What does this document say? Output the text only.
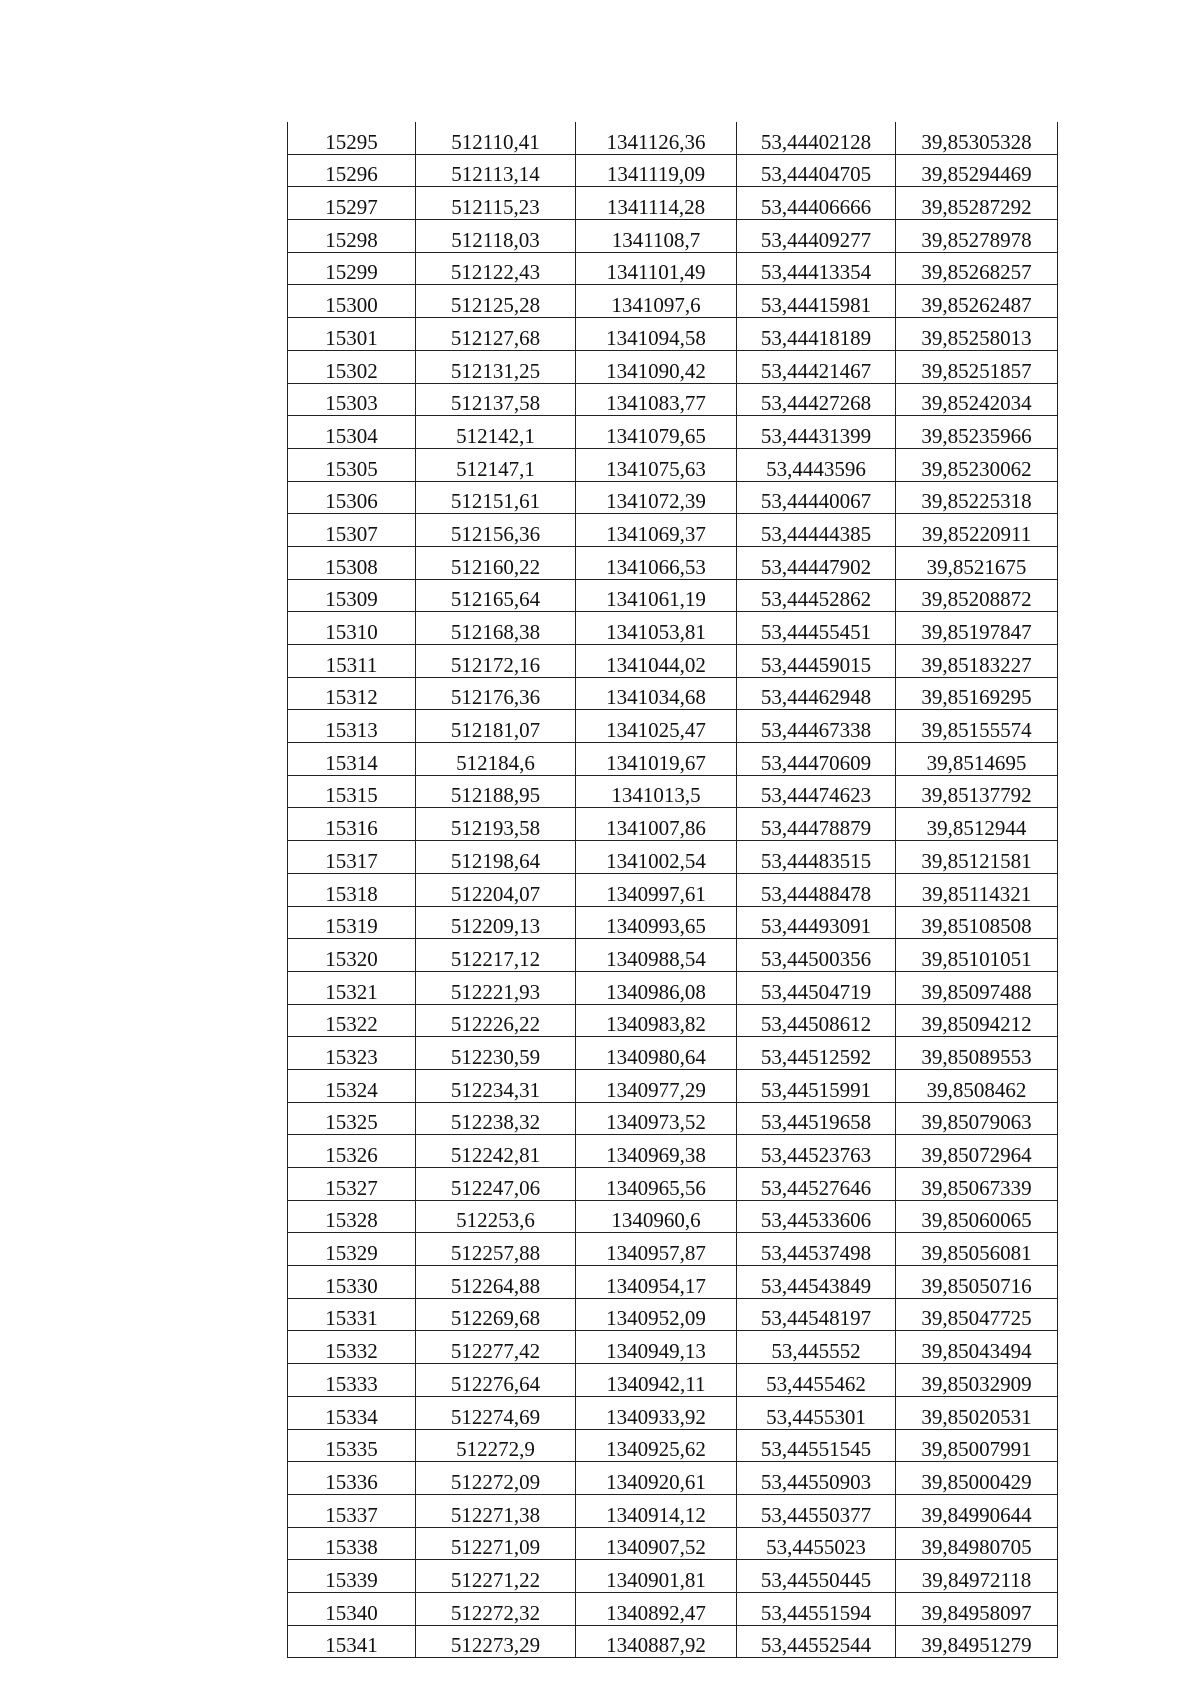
15295	512110,41	1341126,36	53,44402128	39,85305328
15296	512113,14	1341119,09	53,44404705	39,85294469
15297	512115,23	1341114,28	53,44406666	39,85287292
15298	512118,03	1341108,7	53,44409277	39,85278978
15299	512122,43	1341101,49	53,44413354	39,85268257
15300	512125,28	1341097,6	53,44415981	39,85262487
15301	512127,68	1341094,58	53,44418189	39,85258013
15302	512131,25	1341090,42	53,44421467	39,85251857
15303	512137,58	1341083,77	53,44427268	39,85242034
15304	512142,1	1341079,65	53,44431399	39,85235966
15305	512147,1	1341075,63	53,4443596	39,85230062
15306	512151,61	1341072,39	53,44440067	39,85225318
15307	512156,36	1341069,37	53,44444385	39,85220911
15308	512160,22	1341066,53	53,44447902	39,8521675
15309	512165,64	1341061,19	53,44452862	39,85208872
15310	512168,38	1341053,81	53,44455451	39,85197847
15311	512172,16	1341044,02	53,44459015	39,85183227
15312	512176,36	1341034,68	53,44462948	39,85169295
15313	512181,07	1341025,47	53,44467338	39,85155574
15314	512184,6	1341019,67	53,44470609	39,8514695
15315	512188,95	1341013,5	53,44474623	39,85137792
15316	512193,58	1341007,86	53,44478879	39,8512944
15317	512198,64	1341002,54	53,44483515	39,85121581
15318	512204,07	1340997,61	53,44488478	39,85114321
15319	512209,13	1340993,65	53,44493091	39,85108508
15320	512217,12	1340988,54	53,44500356	39,85101051
15321	512221,93	1340986,08	53,44504719	39,85097488
15322	512226,22	1340983,82	53,44508612	39,85094212
15323	512230,59	1340980,64	53,44512592	39,85089553
15324	512234,31	1340977,29	53,44515991	39,8508462
15325	512238,32	1340973,52	53,44519658	39,85079063
15326	512242,81	1340969,38	53,44523763	39,85072964
15327	512247,06	1340965,56	53,44527646	39,85067339
15328	512253,6	1340960,6	53,44533606	39,85060065
15329	512257,88	1340957,87	53,44537498	39,85056081
15330	512264,88	1340954,17	53,44543849	39,85050716
15331	512269,68	1340952,09	53,44548197	39,85047725
15332	512277,42	1340949,13	53,445552	39,85043494
15333	512276,64	1340942,11	53,4455462	39,85032909
15334	512274,69	1340933,92	53,4455301	39,85020531
15335	512272,9	1340925,62	53,44551545	39,85007991
15336	512272,09	1340920,61	53,44550903	39,85000429
15337	512271,38	1340914,12	53,44550377	39,84990644
15338	512271,09	1340907,52	53,4455023	39,84980705
15339	512271,22	1340901,81	53,44550445	39,84972118
15340	512272,32	1340892,47	53,44551594	39,84958097
15341	512273,29	1340887,92	53,44552544	39,84951279
